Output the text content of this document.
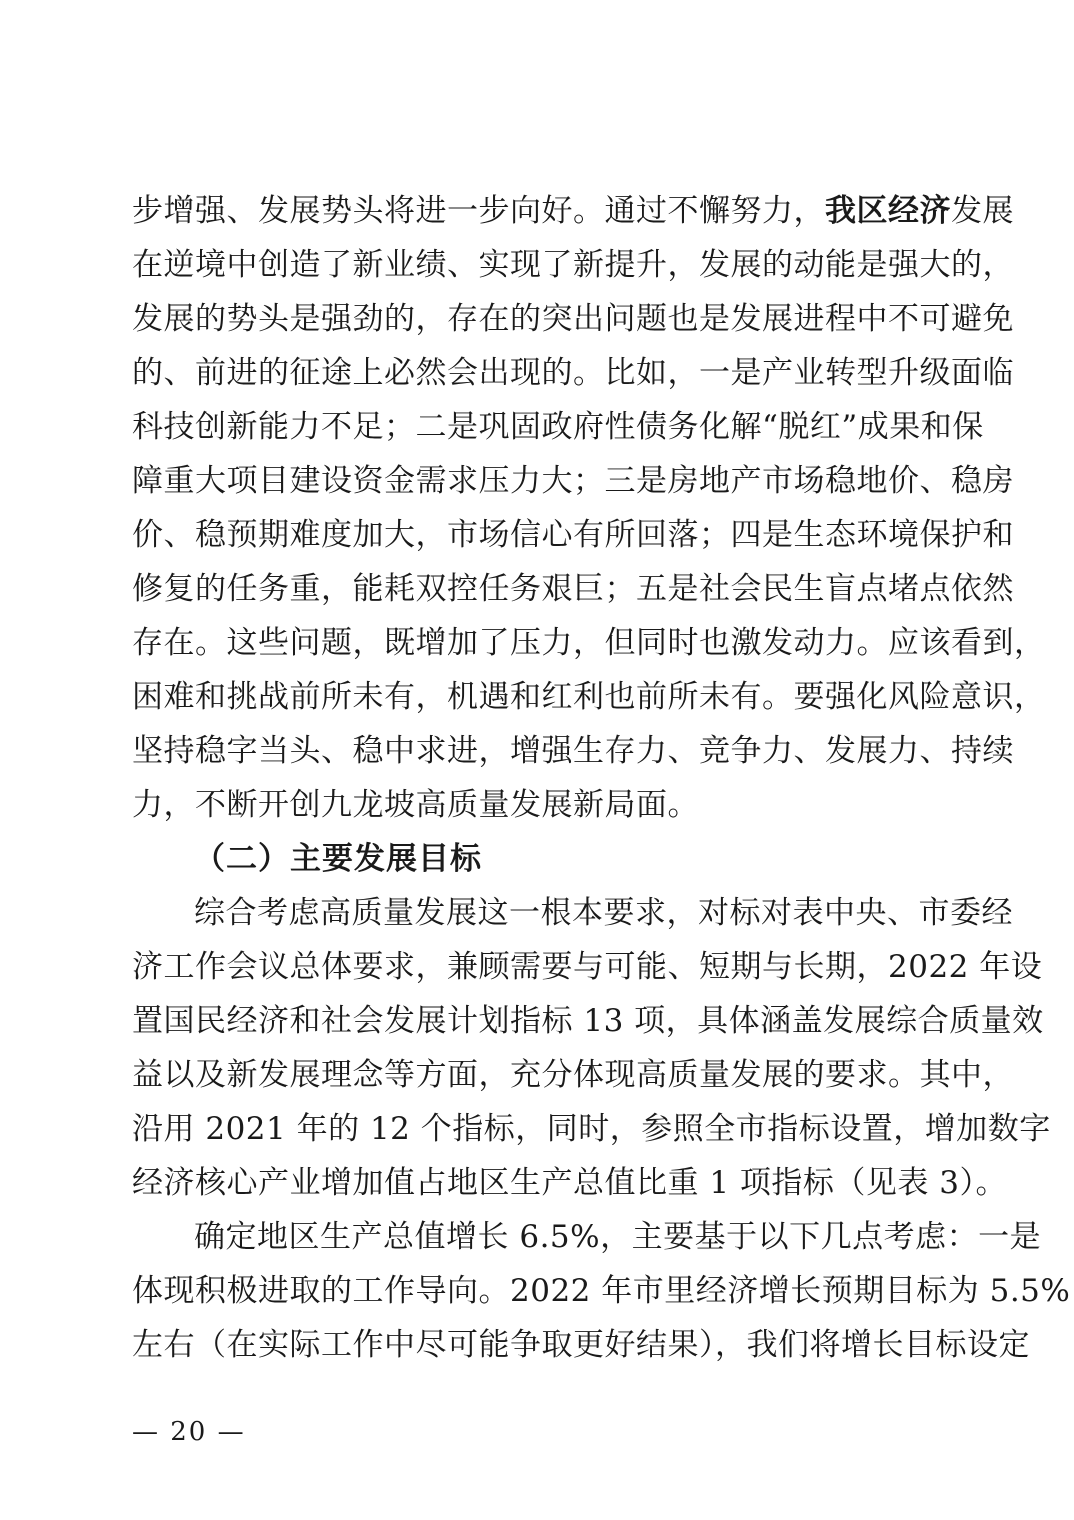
步增强、发展势头将进一步向好。通过不懈努力，我区经济发展
在逆境中创造了新业绩、实现了新提升，发展的动能是强大的，
发展的势头是强劲的，存在的突出问题也是发展进程中不可避免
的、前进的征途上必然会出现的。比如，一是产业转型升级面临
科技创新能力不足；二是巩固政府性债务化解“脱红”成果和保
障重大项目建设资金需求压力大；三是房地产市场稳地价、稳房
价、稳预期难度加大，市场信心有所回落；四是生态环境保护和
修复的任务重，能耗双控任务艰巨；五是社会民生盲点堵点依然
存在。这些问题，既增加了压力，但同时也激发动力。应该看到，
困难和挑战前所未有，机遇和红利也前所未有。要强化风险意识，
坚持稳字当头、稳中求进，增强生存力、竞争力、发展力、持续
力，不断开创九龙坡高质量发展新局面。
（二）主要发展目标
综合考虑高质量发展这一根本要求，对标对表中央、市委经
济工作会议总体要求，兼顾需要与可能、短期与长期，2022 年设
置国民经济和社会发展计划指标 13 项，具体涵盖发展综合质量效
益以及新发展理念等方面，充分体现高质量发展的要求。其中，
沿用 2021 年的 12 个指标，同时，参照全市指标设置，增加数字
经济核心产业增加值占地区生产总值比重 1 项指标（见表 3）。
确定地区生产总值增长 6.5%，主要基于以下几点考虑：一是
体现积极进取的工作导向。2022 年市里经济增长预期目标为 5.5%
左右（在实际工作中尽可能争取更好结果），我们将增长目标设定
— 20 —
